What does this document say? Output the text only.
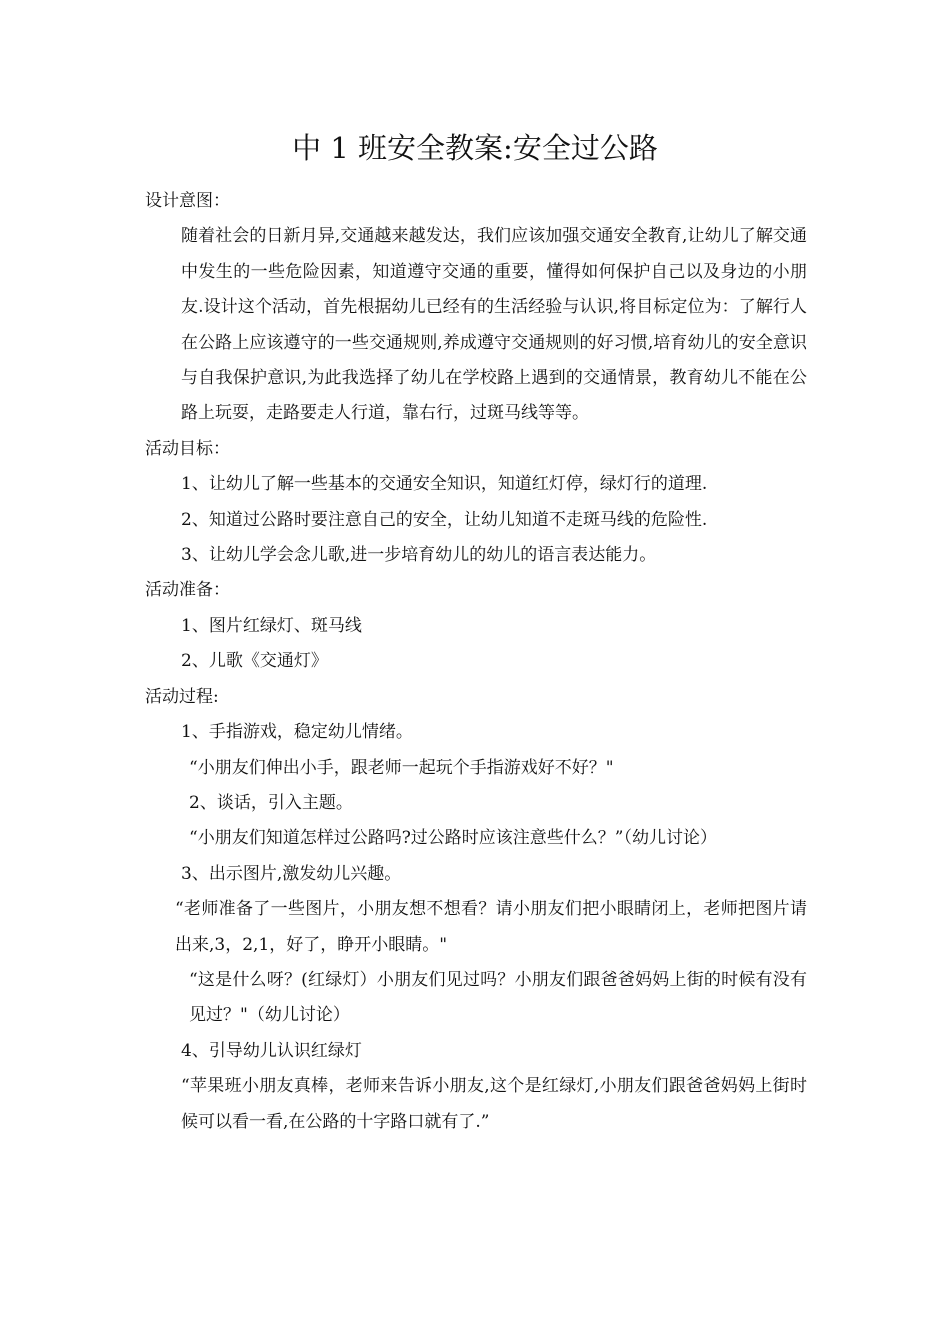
中 1 班安全教案:安全过公路

设计意图：

随着社会的日新月异,交通越来越发达，我们应该加强交通安全教育,让幼儿了解交通中发生的一些危险因素，知道遵守交通的重要，懂得如何保护自己以及身边的小朋友.设计这个活动，首先根据幼儿已经有的生活经验与认识,将目标定位为：了解行人在公路上应该遵守的一些交通规则,养成遵守交通规则的好习惯,培育幼儿的安全意识与自我保护意识,为此我选择了幼儿在学校路上遇到的交通情景，教育幼儿不能在公路上玩耍，走路要走人行道，靠右行，过斑马线等等。

活动目标：

1、让幼儿了解一些基本的交通安全知识，知道红灯停，绿灯行的道理.

2、知道过公路时要注意自己的安全，让幼儿知道不走斑马线的危险性.

3、让幼儿学会念儿歌,进一步培育幼儿的幼儿的语言表达能力。

活动准备：

1、图片红绿灯、斑马线

2、儿歌《交通灯》

活动过程:

1、手指游戏，稳定幼儿情绪。

“小朋友们伸出小手，跟老师一起玩个手指游戏好不好？"

2、谈话，引入主题。

“小朋友们知道怎样过公路吗?过公路时应该注意些什么？”（幼儿讨论）

3、出示图片,激发幼儿兴趣。

“老师准备了一些图片，小朋友想不想看？请小朋友们把小眼睛闭上，老师把图片请出来,3，2,1，好了，睁开小眼睛。"

“这是什么呀？(红绿灯）小朋友们见过吗？小朋友们跟爸爸妈妈上街的时候有没有见过？"（幼儿讨论）

4、引导幼儿认识红绿灯

“苹果班小朋友真棒，老师来告诉小朋友,这个是红绿灯,小朋友们跟爸爸妈妈上街时候可以看一看,在公路的十字路口就有了.”
